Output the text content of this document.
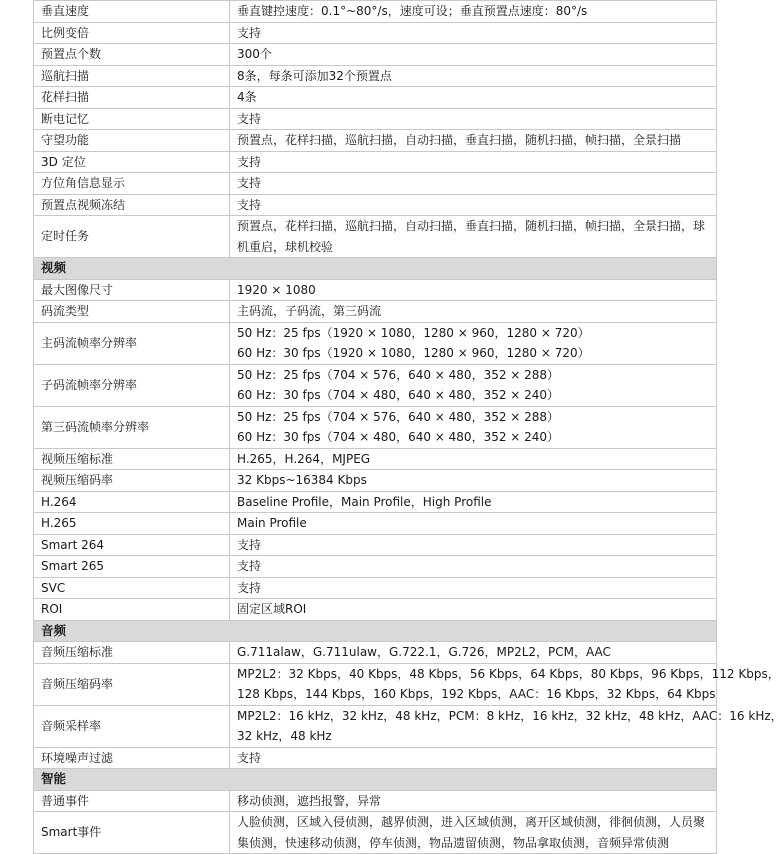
垂直速度	垂直键控速度：0.1°~80°/s，速度可设；垂直预置点速度：80°/s

比例变倍	支持

预置点个数	300个

巡航扫描	8条，每条可添加32个预置点

花样扫描	4条

断电记忆	支持

守望功能	预置点，花样扫描，巡航扫描，自动扫描，垂直扫描，随机扫描，帧扫描，全景扫描

3D 定位	支持

方位角信息显示	支持

预置点视频冻结	支持

定时任务	预置点，花样扫描，巡航扫描，自动扫描，垂直扫描，随机扫描，帧扫描，全景扫描，球
机重启，球机校验

视频	
最大图像尺寸	1920 × 1080

码流类型	主码流，子码流，第三码流

主码流帧率分辨率	50 Hz：25 fps（1920 × 1080，1280 × 960，1280 × 720）
60 Hz：30 fps（1920 × 1080，1280 × 960，1280 × 720）

子码流帧率分辨率	50 Hz：25 fps（704 × 576，640 × 480，352 × 288）
60 Hz：30 fps（704 × 480，640 × 480，352 × 240）

第三码流帧率分辨率	50 Hz：25 fps（704 × 576，640 × 480，352 × 288）
60 Hz：30 fps（704 × 480，640 × 480，352 × 240）

视频压缩标准	H.265，H.264，MJPEG

视频压缩码率	32 Kbps~16384 Kbps

H.264	Baseline Profile，Main Profile，High Profile

H.265	Main Profile

Smart 264	支持

Smart 265	支持

SVC	支持

ROI	固定区域ROI

音频	
音频压缩标准	G.711alaw，G.711ulaw，G.722.1，G.726，MP2L2，PCM，AAC

音频压缩码率	MP2L2：32 Kbps，40 Kbps，48 Kbps，56 Kbps，64 Kbps，80 Kbps，96 Kbps，112 Kbps，
128 Kbps，144 Kbps，160 Kbps，192 Kbps，AAC：16 Kbps，32 Kbps，64 Kbps

音频采样率	MP2L2：16 kHz，32 kHz，48 kHz，PCM：8 kHz，16 kHz，32 kHz，48 kHz，AAC：16 kHz，
32 kHz，48 kHz

环境噪声过滤	支持

智能	
普通事件	移动侦测，遮挡报警，异常

Smart事件	人脸侦测，区域入侵侦测，越界侦测，进入区域侦测，离开区域侦测，徘徊侦测，人员聚
集侦测，快速移动侦测，停车侦测，物品遗留侦测，物品拿取侦测，音频异常侦测
